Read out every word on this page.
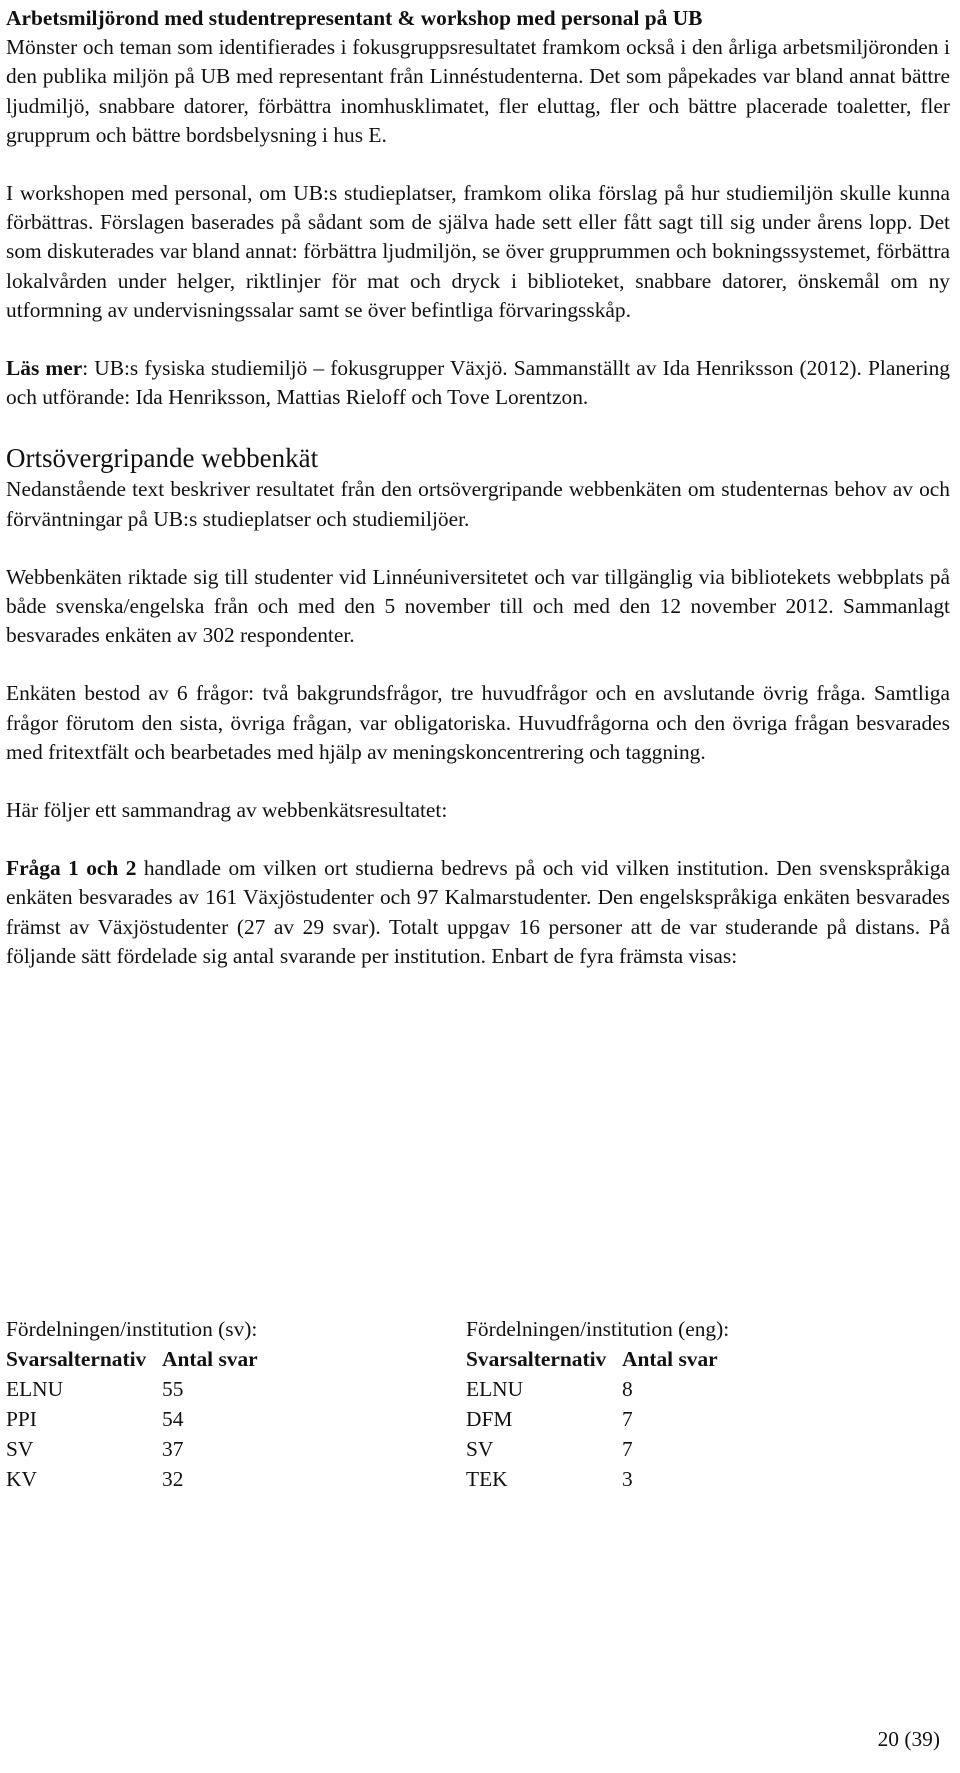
Arbetsmiljörond med studentrepresentant & workshop med personal på UB

Mönster och teman som identifierades i fokusgruppsresultatet framkom också i den årliga arbetsmiljöronden i den publika miljön på UB med representant från Linnéstudenterna. Det som påpekades var bland annat bättre ljudmiljö, snabbare datorer, förbättra inomhusklimatet, fler eluttag, fler och bättre placerade toaletter, fler grupprum och bättre bordsbelysning i hus E.

I workshopen med personal, om UB:s studieplatser, framkom olika förslag på hur studiemiljön skulle kunna förbättras. Förslagen baserades på sådant som de själva hade sett eller fått sagt till sig under årens lopp. Det som diskuterades var bland annat: förbättra ljudmiljön, se över grupprummen och bokningssystemet, förbättra lokalvården under helger, riktlinjer för mat och dryck i biblioteket, snabbare datorer, önskemål om ny utformning av undervisningssalar samt se över befintliga förvaringsskåp.

Läs mer: UB:s fysiska studiemiljö – fokusgrupper Växjö. Sammanställt av Ida Henriksson (2012). Planering och utförande: Ida Henriksson, Mattias Rieloff och Tove Lorentzon.

Ortsövergripande webbenkät

Nedanstående text beskriver resultatet från den ortsövergripande webbenkäten om studenternas behov av och förväntningar på UB:s studieplatser och studiemiljöer.

Webbenkäten riktade sig till studenter vid Linnéuniversitetet och var tillgänglig via bibliotekets webbplats på både svenska/engelska från och med den 5 november till och med den 12 november 2012. Sammanlagt besvarades enkäten av 302 respondenter.

Enkäten bestod av 6 frågor: två bakgrundsfrågor, tre huvudfrågor och en avslutande övrig fråga. Samtliga frågor förutom den sista, övriga frågan, var obligatoriska. Huvudfrågorna och den övriga frågan besvarades med fritextfält och bearbetades med hjälp av meningskoncentrering och taggning.

Här följer ett sammandrag av webbenkätsresultatet:

Fråga 1 och 2 handlade om vilken ort studierna bedrevs på och vid vilken institution. Den svenskspråkiga enkäten besvarades av 161 Växjöstudenter och 97 Kalmarstudenter. Den engelskspråkiga enkäten besvarades främst av Växjöstudenter (27 av 29 svar). Totalt uppgav 16 personer att de var studerande på distans. På följande sätt fördelade sig antal svarande per institution. Enbart de fyra främsta visas:

Fördelningen/institution (sv):
Svarsalternativ Antal svar
ELNU	55
PPI	54
SV	37
KV	32
Fördelningen/institution (eng):
Svarsalternativ Antal svar
ELNU	8
DFM	7
SV	7
TEK	3
20 (39)
